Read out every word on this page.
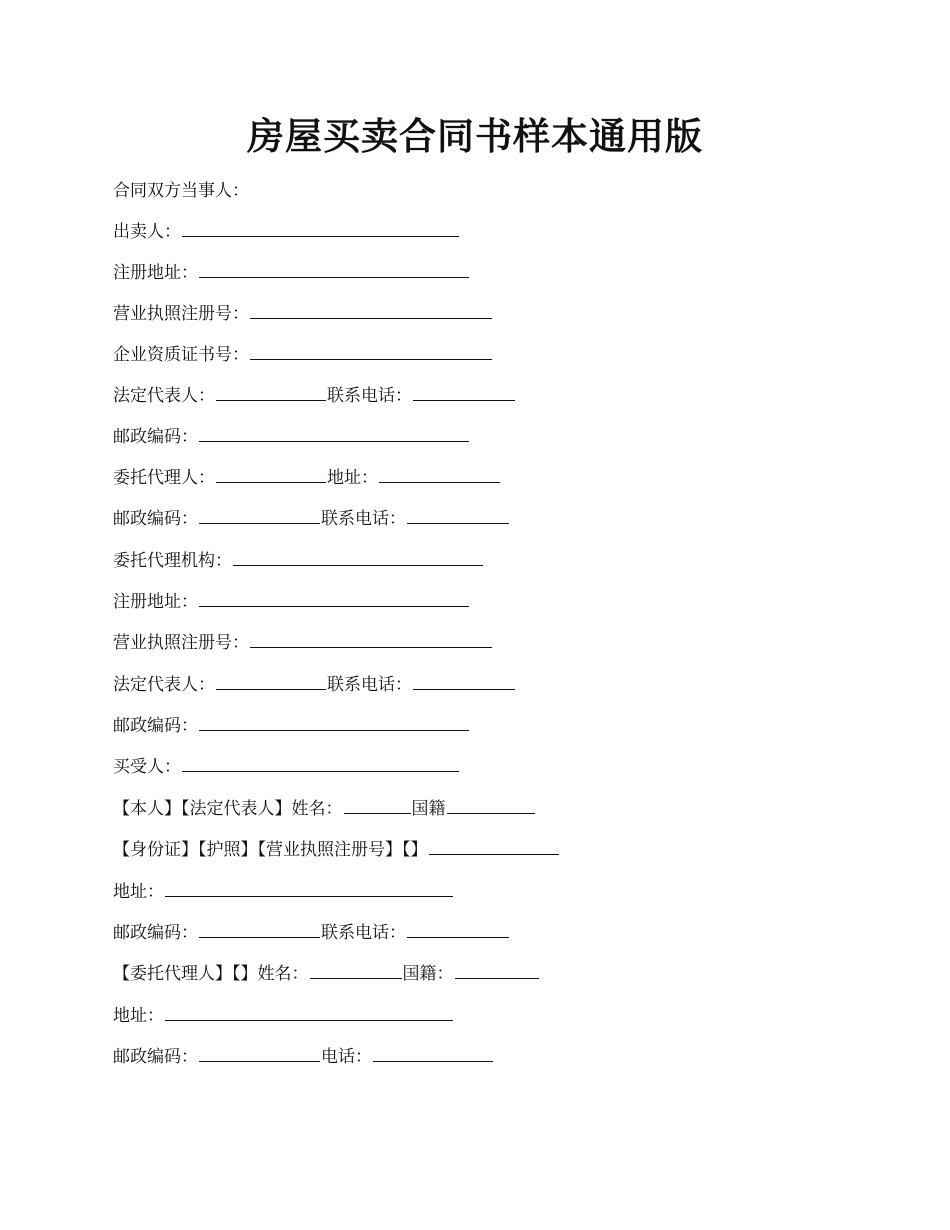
房屋买卖合同书样本通用版
合同双方当事人：
出卖人：
注册地址：
营业执照注册号：
企业资质证书号：
法定代表人：	联系电话：
邮政编码：
委托代理人：	地址：
邮政编码：	联系电话：
委托代理机构：
注册地址：
营业执照注册号：
法定代表人：	联系电话：
邮政编码：
买受人：
【本人】【法定代表人】姓名：	国籍
【身份证】【护照】【营业执照注册号】【】
地址：
邮政编码：	联系电话：
【委托代理人】【】姓名：	国籍：
地址：
邮政编码：	电话：
